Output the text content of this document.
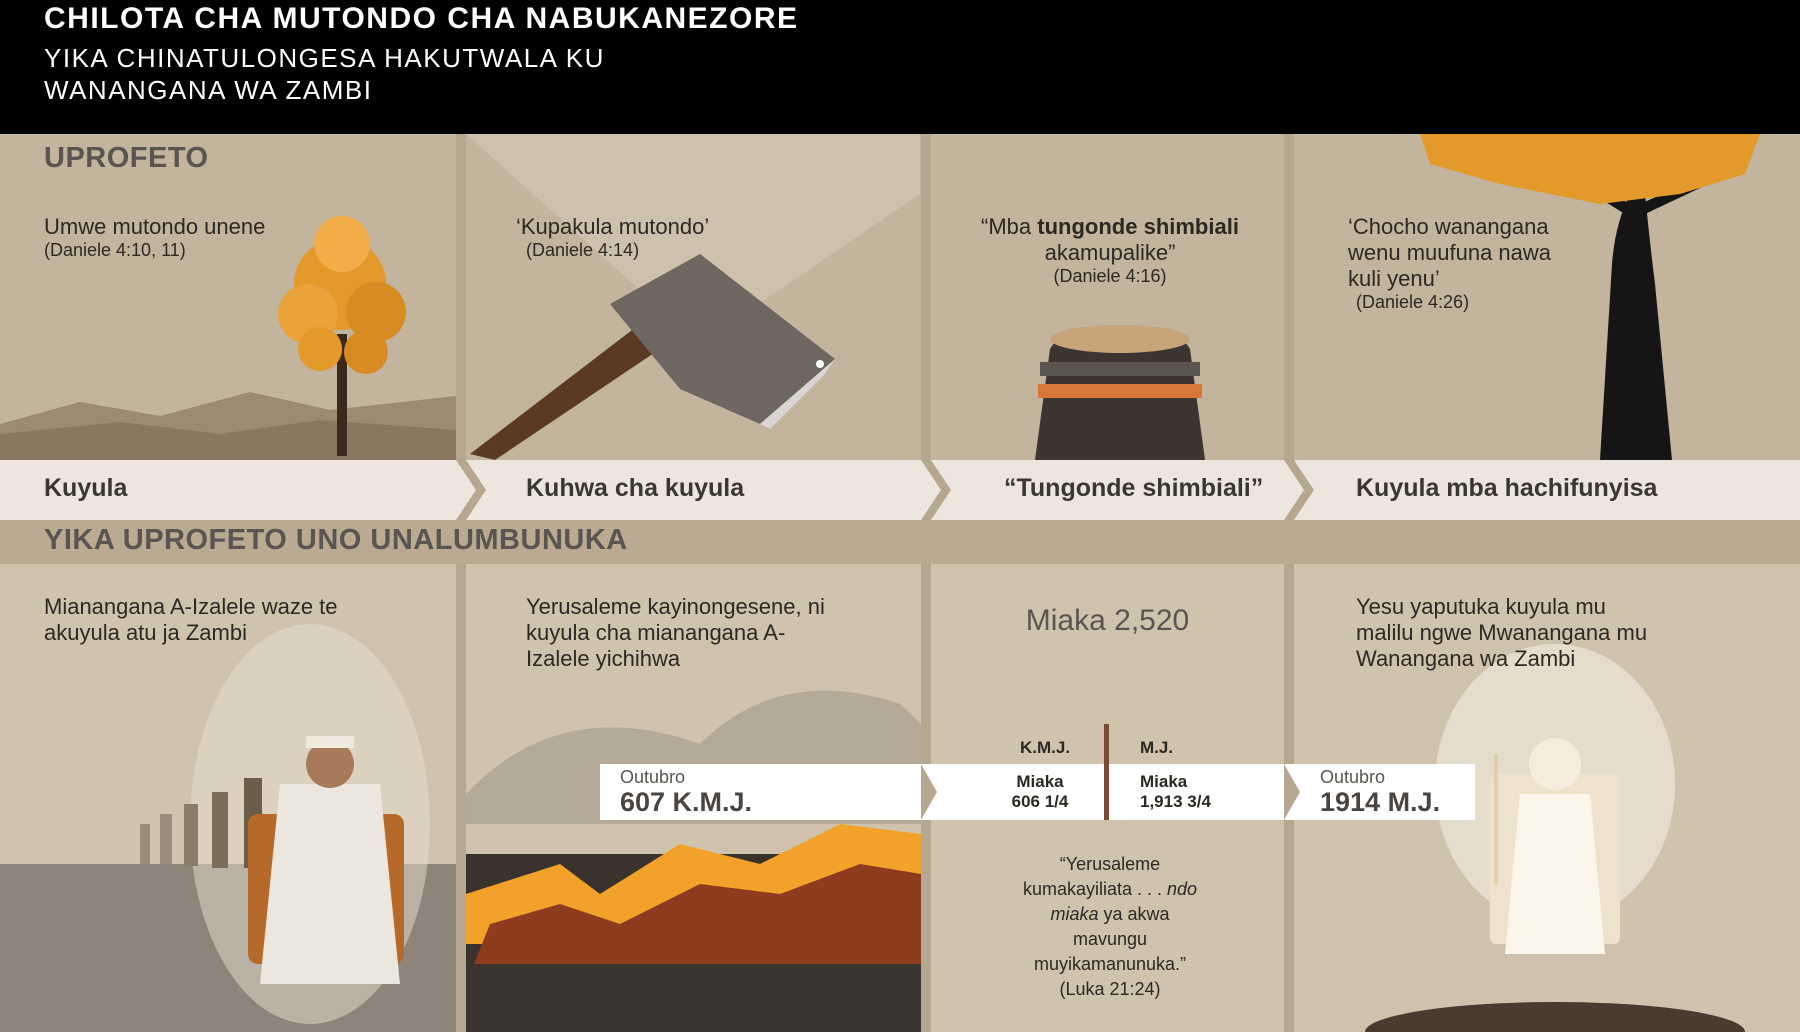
CHILOTA CHA MUTONDO CHA NABUKANEZORE
YIKA CHINATULONGESA HAKUTWALA KU WANANGANA WA ZAMBI
UPROFETO
Umwe mutondo unene
(Daniele 4:10, 11)
‘Kupakula mutondo’
(Daniele 4:14)
“Mba tungonde shimbiali akamupalike”
(Daniele 4:16)
‘Chocho wanangana wenu muufuna nawa kuli yenu’
(Daniele 4:26)
Kuyula	Kuhwa cha kuyula	“Tungonde shimbiali”	Kuyula mba hachifunyisa
YIKA UPROFETO UNO UNALUMBUNUKA
Mianangana A-Izalele waze te akuyula atu ja Zambi
Yerusaleme kayinongesene, ni kuyula cha mianangana A-Izalele yichihwa
Miaka 2,520	Yesu yaputuka kuyula mu malilu ngwe Mwanangana mu Wanangana wa Zambi
Outubro
607 K.M.J.
Outubro
1914 M.J.
K.M.J.	M.J.
Miaka
606 1/4
Miaka
1,913 3/4
“Yerusaleme
kumakayiliata . . . ndo
miaka ya akwa
mavungu
muyikamanunuka.”
(Luka 21:24)
